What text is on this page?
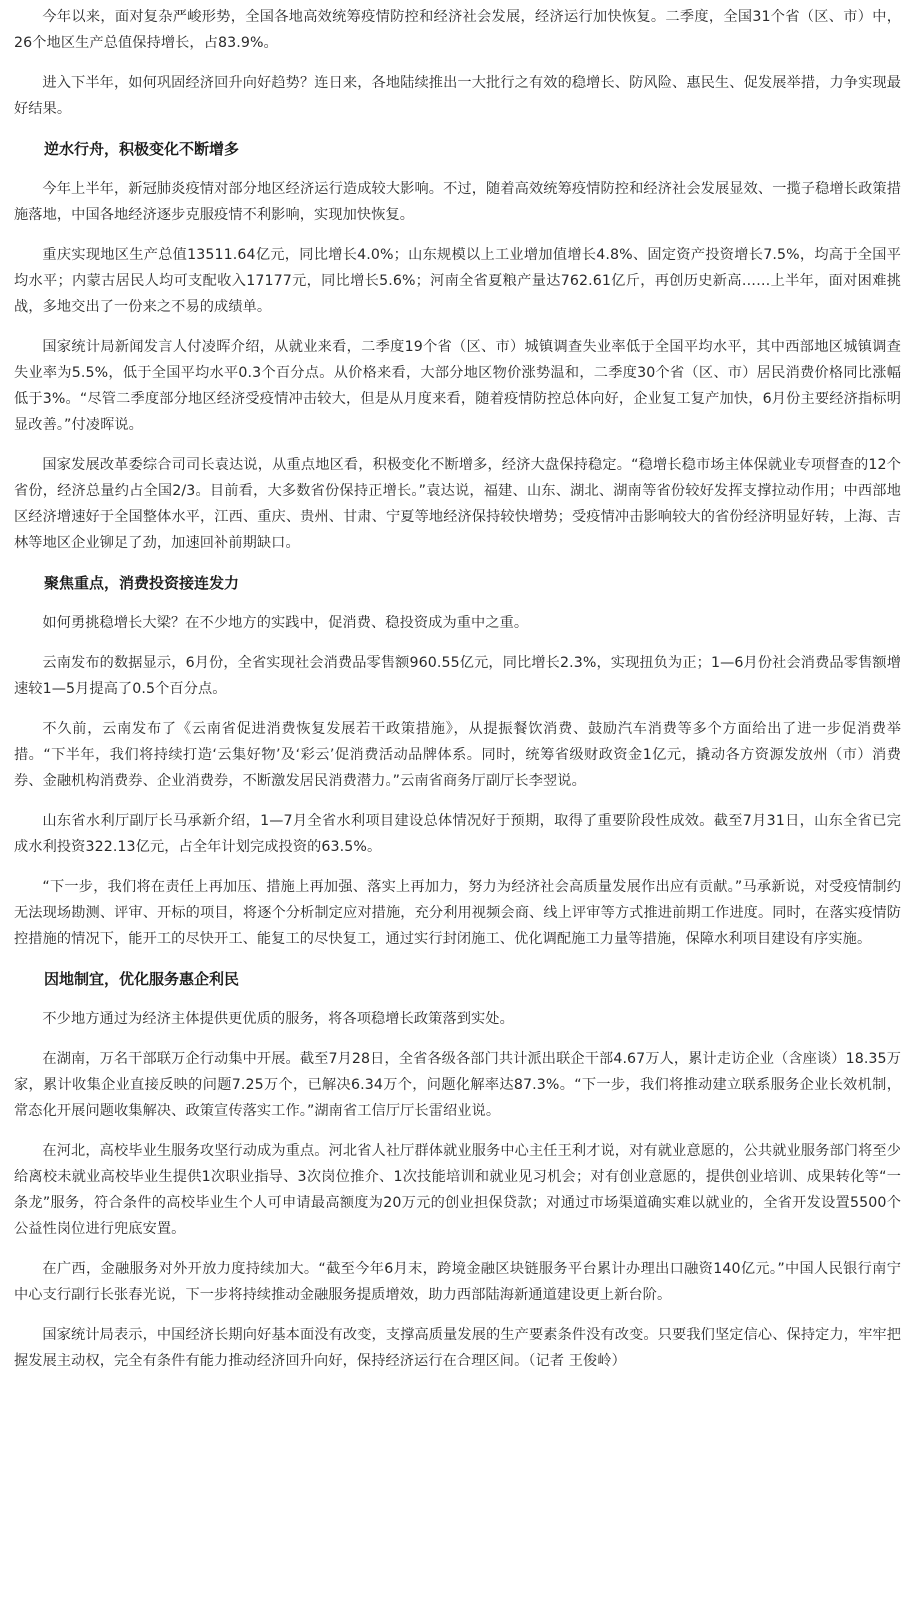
今年以来，面对复杂严峻形势，全国各地高效统筹疫情防控和经济社会发展，经济运行加快恢复。二季度，全国31个省（区、市）中，26个地区生产总值保持增长，占83.9%。

进入下半年，如何巩固经济回升向好趋势？连日来，各地陆续推出一大批行之有效的稳增长、防风险、惠民生、促发展举措，力争实现最好结果。

逆水行舟，积极变化不断增多

今年上半年，新冠肺炎疫情对部分地区经济运行造成较大影响。不过，随着高效统筹疫情防控和经济社会发展显效、一揽子稳增长政策措施落地，中国各地经济逐步克服疫情不利影响，实现加快恢复。

重庆实现地区生产总值13511.64亿元，同比增长4.0%；山东规模以上工业增加值增长4.8%、固定资产投资增长7.5%，均高于全国平均水平；内蒙古居民人均可支配收入17177元，同比增长5.6%；河南全省夏粮产量达762.61亿斤，再创历史新高……上半年，面对困难挑战，多地交出了一份来之不易的成绩单。

国家统计局新闻发言人付凌晖介绍，从就业来看，二季度19个省（区、市）城镇调查失业率低于全国平均水平，其中西部地区城镇调查失业率为5.5%，低于全国平均水平0.3个百分点。从价格来看，大部分地区物价涨势温和，二季度30个省（区、市）居民消费价格同比涨幅低于3%。“尽管二季度部分地区经济受疫情冲击较大，但是从月度来看，随着疫情防控总体向好，企业复工复产加快，6月份主要经济指标明显改善。”付凌晖说。

国家发展改革委综合司司长袁达说，从重点地区看，积极变化不断增多，经济大盘保持稳定。“稳增长稳市场主体保就业专项督查的12个省份，经济总量约占全国2/3。目前看，大多数省份保持正增长。”袁达说，福建、山东、湖北、湖南等省份较好发挥支撑拉动作用；中西部地区经济增速好于全国整体水平，江西、重庆、贵州、甘肃、宁夏等地经济保持较快增势；受疫情冲击影响较大的省份经济明显好转，上海、吉林等地区企业铆足了劲，加速回补前期缺口。

聚焦重点，消费投资接连发力

如何勇挑稳增长大梁？在不少地方的实践中，促消费、稳投资成为重中之重。

云南发布的数据显示，6月份，全省实现社会消费品零售额960.55亿元，同比增长2.3%，实现扭负为正；1—6月份社会消费品零售额增速较1—5月提高了0.5个百分点。

不久前，云南发布了《云南省促进消费恢复发展若干政策措施》，从提振餐饮消费、鼓励汽车消费等多个方面给出了进一步促消费举措。“下半年，我们将持续打造‘云集好物’及‘彩云’促消费活动品牌体系。同时，统筹省级财政资金1亿元，撬动各方资源发放州（市）消费券、金融机构消费券、企业消费券，不断激发居民消费潜力。”云南省商务厅副厅长李翌说。

山东省水利厅副厅长马承新介绍，1—7月全省水利项目建设总体情况好于预期，取得了重要阶段性成效。截至7月31日，山东全省已完成水利投资322.13亿元，占全年计划完成投资的63.5%。

“下一步，我们将在责任上再加压、措施上再加强、落实上再加力，努力为经济社会高质量发展作出应有贡献。”马承新说，对受疫情制约无法现场勘测、评审、开标的项目，将逐个分析制定应对措施，充分利用视频会商、线上评审等方式推进前期工作进度。同时，在落实疫情防控措施的情况下，能开工的尽快开工、能复工的尽快复工，通过实行封闭施工、优化调配施工力量等措施，保障水利项目建设有序实施。

因地制宜，优化服务惠企利民

不少地方通过为经济主体提供更优质的服务，将各项稳增长政策落到实处。

在湖南，万名干部联万企行动集中开展。截至7月28日，全省各级各部门共计派出联企干部4.67万人，累计走访企业（含座谈）18.35万家，累计收集企业直接反映的问题7.25万个，已解决6.34万个，问题化解率达87.3%。“下一步，我们将推动建立联系服务企业长效机制，常态化开展问题收集解决、政策宣传落实工作。”湖南省工信厅厅长雷绍业说。

在河北，高校毕业生服务攻坚行动成为重点。河北省人社厅群体就业服务中心主任王利才说，对有就业意愿的，公共就业服务部门将至少给离校未就业高校毕业生提供1次职业指导、3次岗位推介、1次技能培训和就业见习机会；对有创业意愿的，提供创业培训、成果转化等“一条龙”服务，符合条件的高校毕业生个人可申请最高额度为20万元的创业担保贷款；对通过市场渠道确实难以就业的，全省开发设置5500个公益性岗位进行兜底安置。

在广西，金融服务对外开放力度持续加大。“截至今年6月末，跨境金融区块链服务平台累计办理出口融资140亿元。”中国人民银行南宁中心支行副行长张春光说，下一步将持续推动金融服务提质增效，助力西部陆海新通道建设更上新台阶。

国家统计局表示，中国经济长期向好基本面没有改变，支撑高质量发展的生产要素条件没有改变。只要我们坚定信心、保持定力，牢牢把握发展主动权，完全有条件有能力推动经济回升向好，保持经济运行在合理区间。（记者 王俊岭）
